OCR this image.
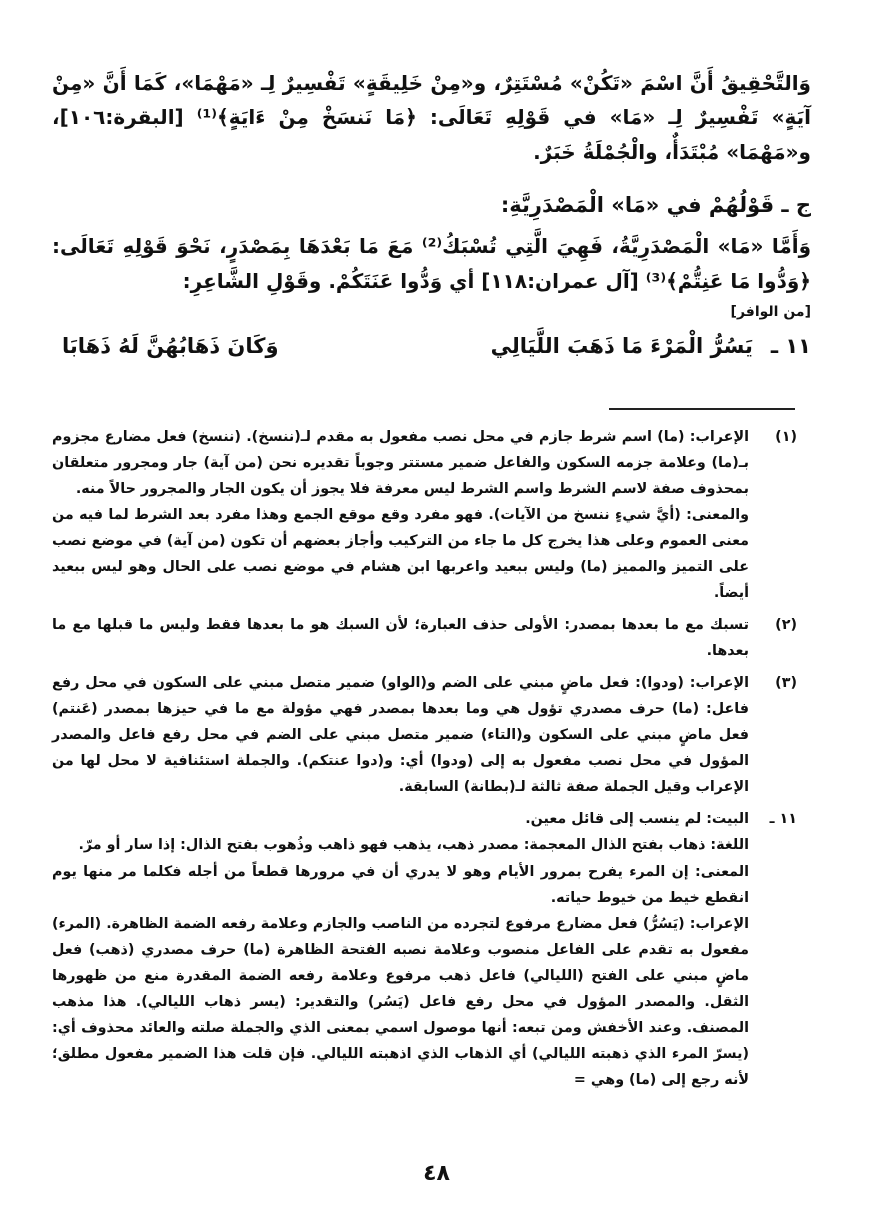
وَالتَّحْقِيقُ أَنَّ اسْمَ «تَكُنْ» مُسْتَتِرٌ، و«مِنْ خَلِيقَةٍ» تَفْسِيرٌ لِـ «مَهْمَا»، كَمَا أَنَّ «مِنْ آيَةٍ» تَفْسِيرٌ لِـ «مَا» في قَوْلِهِ تَعَالَى: ﴿مَا نَنسَخْ مِنْ ءَايَةٍ﴾⁽¹⁾ [البقرة:١٠٦]، و«مَهْمَا» مُبْتَدَأٌ، والْجُمْلَةُ خَبَرٌ.

ج ـ قَوْلُهُمْ في «مَا» الْمَصْدَرِيَّةِ:

وَأَمَّا «مَا» الْمَصْدَرِيَّةُ، فَهِيَ الَّتِي تُسْبَكُ⁽²⁾ مَعَ مَا بَعْدَهَا بِمَصْدَرٍ، نَحْوَ قَوْلِهِ تَعَالَى: ﴿وَدُّوا مَا عَنِتُّمْ﴾⁽³⁾ [آل عمران:١١٨] أي وَدُّوا عَنَتَكُمْ. وقَوْلِ الشَّاعِرِ:

[من الوافر]
١١ ـ
يَسُرُّ الْمَرْءَ مَا ذَهَبَ اللَّيَالِي
وَكَانَ ذَهَابُهُنَّ لَهُ ذَهَابَا
(١)

الإعراب: (ما) اسم شرط جازم في محل نصب مفعول به مقدم لـ(ننسخ). (ننسخ) فعل مضارع مجزوم بـ(ما) وعلامة جزمه السكون والفاعل ضمير مستتر وجوباً تقديره نحن (من آية) جار ومجرور متعلقان بمحذوف صفة لاسم الشرط واسم الشرط ليس معرفة فلا يجوز أن يكون الجار والمجرور حالاً منه.

والمعنى: (أيَّ شيءٍ ننسخ من الآيات). فهو مفرد وقع موقع الجمع وهذا مفرد بعد الشرط لما فيه من معنى العموم وعلى هذا يخرج كل ما جاء من التركيب وأجاز بعضهم أن تكون (من آية) في موضع نصب على التميز والمميز (ما) وليس ببعيد واعربها ابن هشام في موضع نصب على الحال وهو ليس ببعيد أيضاً.

(٢)

تسبك مع ما بعدها بمصدر: الأولى حذف العبارة؛ لأن السبك هو ما بعدها فقط وليس ما قبلها مع ما بعدها.

(٣)

الإعراب: (ودوا): فعل ماضٍ مبني على الضم و(الواو) ضمير متصل مبني على السكون في محل رفع فاعل: (ما) حرف مصدري تؤول هي وما بعدها بمصدر فهي مؤولة مع ما في حيزها بمصدر (عَنتم) فعل ماضٍ مبني على السكون و(التاء) ضمير متصل مبني على الضم في محل رفع فاعل والمصدر المؤول في محل نصب مفعول به إلى (ودوا) أي: و(دوا عنتكم). والجملة استئنافية لا محل لها من الإعراب وقيل الجملة صفة ثالثة لـ(بطانة) السابقة.

١١ ـ

البيت: لم ينسب إلى قائل معين.

اللغة: ذهاب بفتح الذال المعجمة: مصدر ذهب، يذهب فهو ذاهب وذُهوب بفتح الذال: إذا سار أو مرّ.

المعنى: إن المرء يفرح بمرور الأيام وهو لا يدري أن في مرورها قطعاً من أجله فكلما مر منها يوم انقطع خيط من خيوط حياته.

الإعراب: (يَسُرُّ) فعل مضارع مرفوع لتجرده من الناصب والجازم وعلامة رفعه الضمة الظاهرة. (المرء) مفعول به تقدم على الفاعل منصوب وعلامة نصبه الفتحة الظاهرة (ما) حرف مصدري (ذهب) فعل ماضٍ مبني على الفتح (الليالي) فاعل ذهب مرفوع وعلامة رفعه الضمة المقدرة منع من ظهورها الثقل. والمصدر المؤول في محل رفع فاعل (يَسُر) والتقدير: (يسر ذهاب الليالي). هذا مذهب المصنف. وعند الأخفش ومن تبعه: أنها موصول اسمي بمعنى الذي والجملة صلته والعائد محذوف أي: (يسرّ المرء الذي ذهبته الليالي) أي الذهاب الذي اذهبته الليالي. فإن قلت هذا الضمير مفعول مطلق؛ لأنه رجع إلى (ما) وهي =

٤٨
